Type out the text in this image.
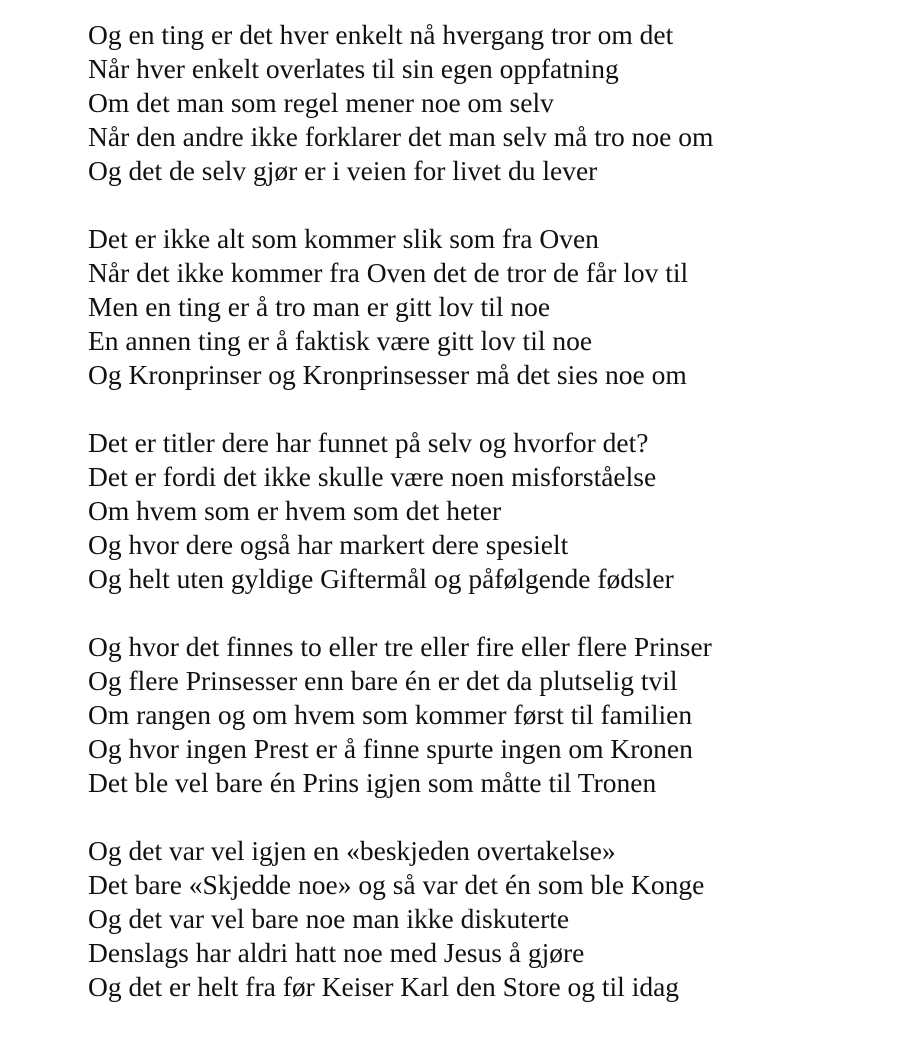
Og en ting er det hver enkelt nå hvergang tror om det
Når hver enkelt overlates til sin egen oppfatning
Om det man som regel mener noe om selv
Når den andre ikke forklarer det man selv må tro noe om
Og det de selv gjør er i veien for livet du lever
Det er ikke alt som kommer slik som fra Oven
Når det ikke kommer fra Oven det de tror de får lov til
Men en ting er å tro man er gitt lov til noe
En annen ting er å faktisk være gitt lov til noe
Og Kronprinser og Kronprinsesser må det sies noe om
Det er titler dere har funnet på selv og hvorfor det?
Det er fordi det ikke skulle være noen misforståelse
Om hvem som er hvem som det heter
Og hvor dere også har markert dere spesielt
Og helt uten gyldige Giftermål og påfølgende fødsler
Og hvor det finnes to eller tre eller fire eller flere Prinser
Og flere Prinsesser enn bare én er det da plutselig tvil
Om rangen og om hvem som kommer først til familien
Og hvor ingen Prest er å finne spurte ingen om Kronen
Det ble vel bare én Prins igjen som måtte til Tronen
Og det var vel igjen en «beskjeden overtakelse»
Det bare «Skjedde noe» og så var det én som ble Konge
Og det var vel bare noe man ikke diskuterte
Denslags har aldri hatt noe med Jesus å gjøre
Og det er helt fra før Keiser Karl den Store og til idag
